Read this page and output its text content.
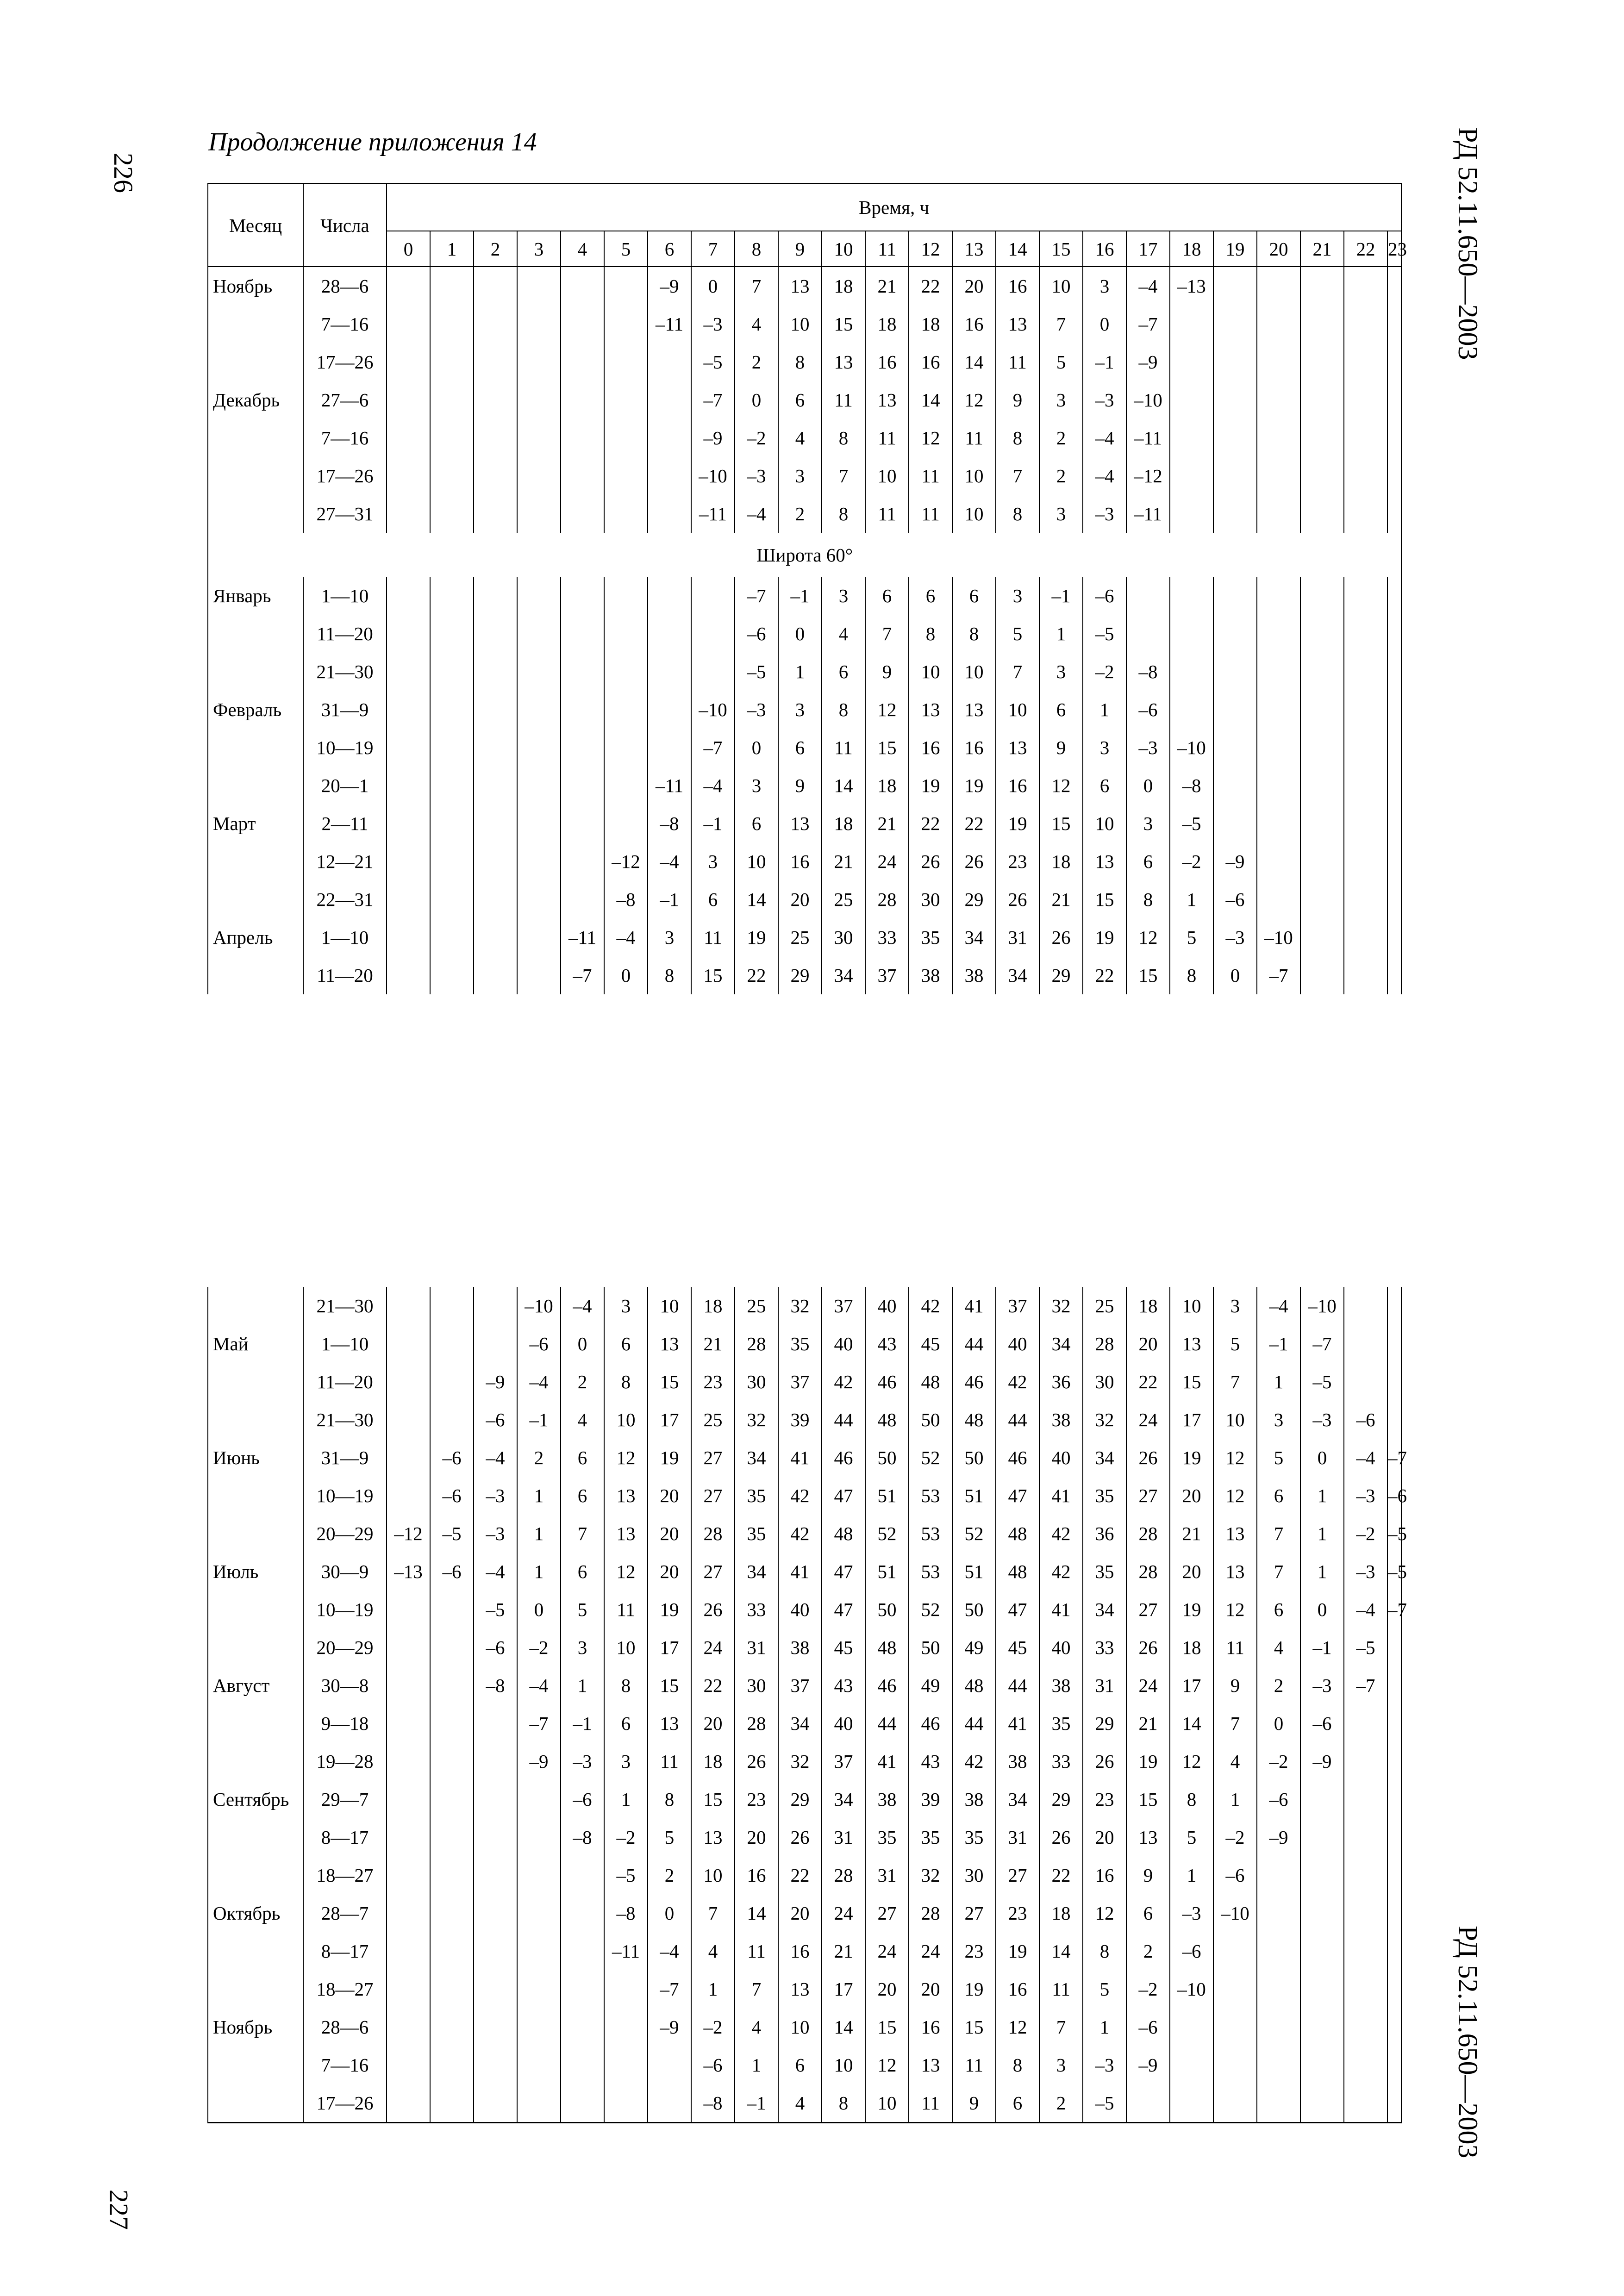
226
Продолжение приложения 14	РД 52.11.650—2003
Месяц	Числа	Время, ч																							
		0	1	2	3	4	5	6	7	8	9	10	11	12	13	14	15	16	17	18	19	20	21	22	23
Ноябрь	28—6							–9	0	7	13	18	21	22	20	16	10	3	–4	–13					
	7—16							–11	–3	4	10	15	18	18	16	13	7	0	–7						
	17—26								–5	2	8	13	16	16	14	11	5	–1	–9						
Декабрь	27—6								–7	0	6	11	13	14	12	9	3	–3	–10						
	7—16								–9	–2	4	8	11	12	11	8	2	–4	–11						
	17—26								–10	–3	3	7	10	11	10	7	2	–4	–12						
	27—31								–11	–4	2	8	11	11	10	8	3	–3	–11						
Широта 60°																									
Январь	1—10									–7	–1	3	6	6	6	3	–1	–6							
	11—20									–6	0	4	7	8	8	5	1	–5							
	21—30									–5	1	6	9	10	10	7	3	–2	–8						
Февраль	31—9								–10	–3	3	8	12	13	13	10	6	1	–6						
	10—19								–7	0	6	11	15	16	16	13	9	3	–3	–10					
	20—1							–11	–4	3	9	14	18	19	19	16	12	6	0	–8					
Март	2—11							–8	–1	6	13	18	21	22	22	19	15	10	3	–5					
	12—21						–12	–4	3	10	16	21	24	26	26	23	18	13	6	–2	–9				
	22—31						–8	–1	6	14	20	25	28	30	29	26	21	15	8	1	–6				
Апрель	1—10					–11	–4	3	11	19	25	30	33	35	34	31	26	19	12	5	–3	–10			
	11—20					–7	0	8	15	22	29	34	37	38	38	34	29	22	15	8	0	–7			
	21—30				–10	–4	3	10	18	25	32	37	40	42	41	37	32	25	18	10	3	–4	–10		
Май	1—10				–6	0	6	13	21	28	35	40	43	45	44	40	34	28	20	13	5	–1	–7		
	11—20			–9	–4	2	8	15	23	30	37	42	46	48	46	42	36	30	22	15	7	1	–5		
	21—30			–6	–1	4	10	17	25	32	39	44	48	50	48	44	38	32	24	17	10	3	–3	–6	
Июнь	31—9		–6	–4	2	6	12	19	27	34	41	46	50	52	50	46	40	34	26	19	12	5	0	–4	–7
	10—19		–6	–3	1	6	13	20	27	35	42	47	51	53	51	47	41	35	27	20	12	6	1	–3	–6
	20—29	–12	–5	–3	1	7	13	20	28	35	42	48	52	53	52	48	42	36	28	21	13	7	1	–2	–5
Июль	30—9	–13	–6	–4	1	6	12	20	27	34	41	47	51	53	51	48	42	35	28	20	13	7	1	–3	–5
	10—19			–5	0	5	11	19	26	33	40	47	50	52	50	47	41	34	27	19	12	6	0	–4	–7
	20—29			–6	–2	3	10	17	24	31	38	45	48	50	49	45	40	33	26	18	11	4	–1	–5	
Август	30—8			–8	–4	1	8	15	22	30	37	43	46	49	48	44	38	31	24	17	9	2	–3	–7	
	9—18				–7	–1	6	13	20	28	34	40	44	46	44	41	35	29	21	14	7	0	–6		
	19—28				–9	–3	3	11	18	26	32	37	41	43	42	38	33	26	19	12	4	–2	–9		
Сентябрь	29—7					–6	1	8	15	23	29	34	38	39	38	34	29	23	15	8	1	–6			
	8—17					–8	–2	5	13	20	26	31	35	35	35	31	26	20	13	5	–2	–9			
	18—27						–5	2	10	16	22	28	31	32	30	27	22	16	9	1	–6				
Октябрь	28—7						–8	0	7	14	20	24	27	28	27	23	18	12	6	–3	–10				
	8—17						–11	–4	4	11	16	21	24	24	23	19	14	8	2	–6					
	18—27							–7	1	7	13	17	20	20	19	16	11	5	–2	–10					
Ноябрь	28—6							–9	–2	4	10	14	15	16	15	12	7	1	–6						
	7—16								–6	1	6	10	12	13	11	8	3	–3	–9						
	17—26								–8	–1	4	8	10	11	9	6	2	–5							
227
РД 52.11.650—2003
